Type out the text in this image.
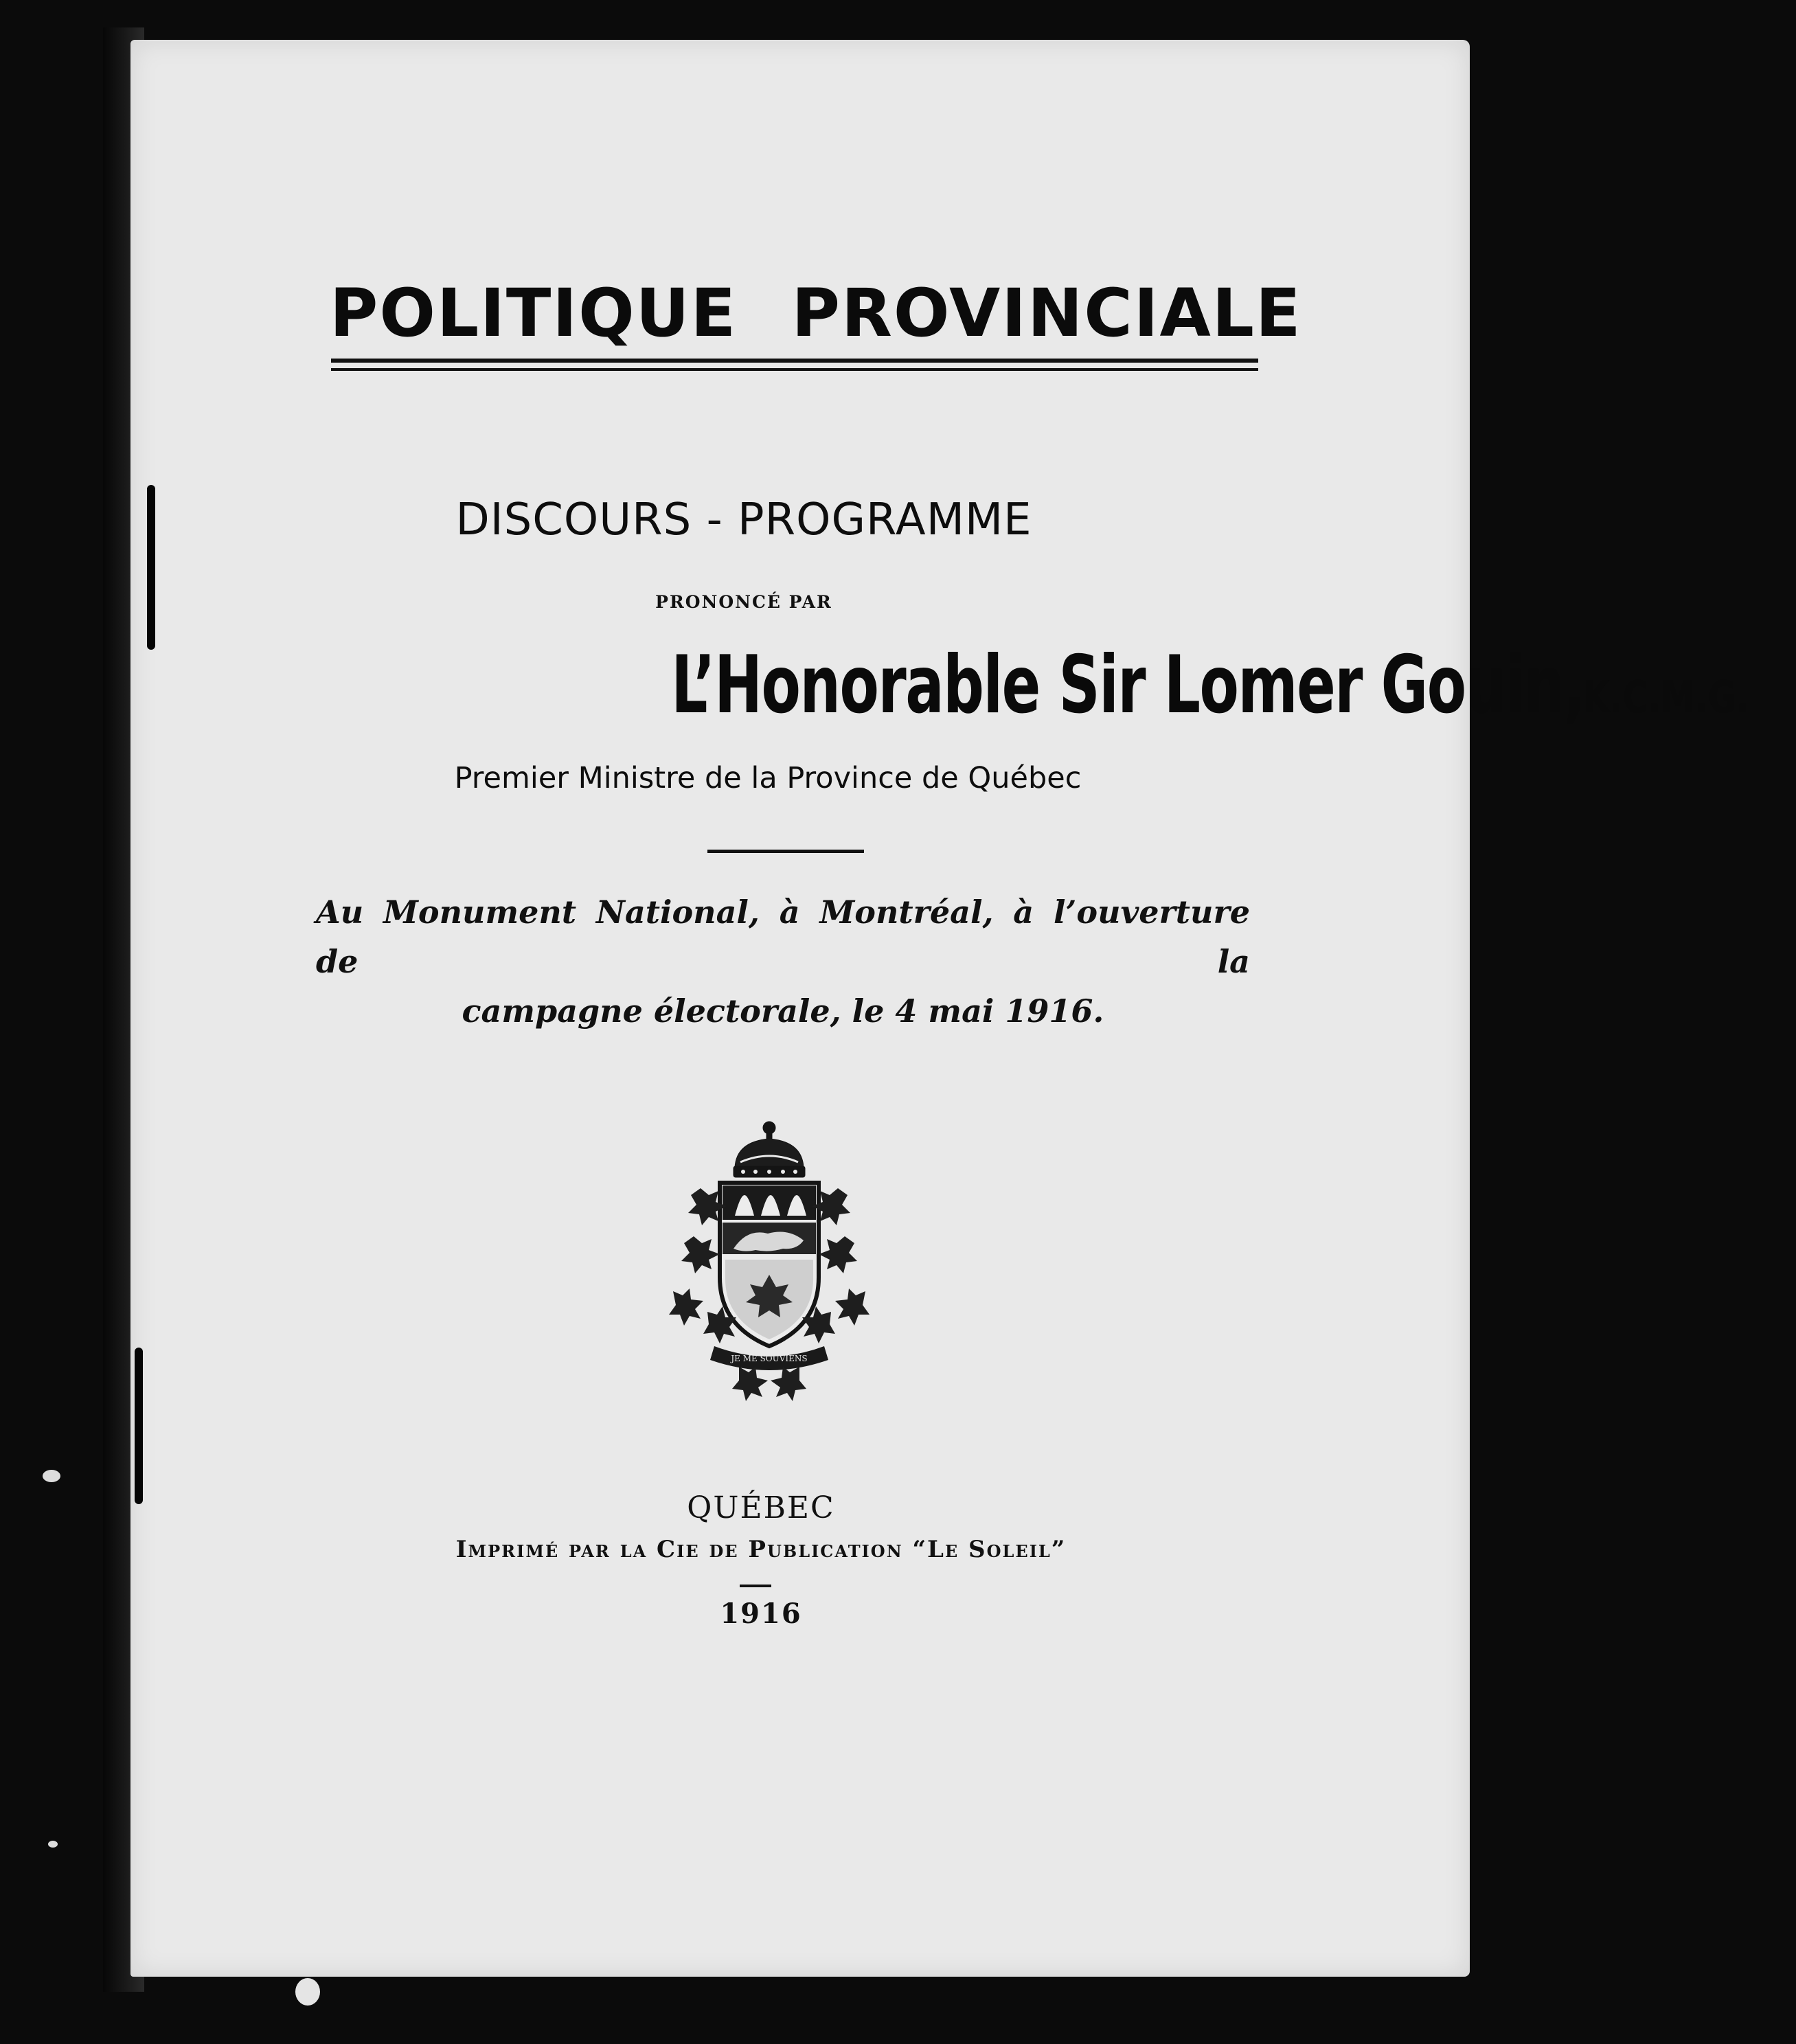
POLITIQUE PROVINCIALE
DISCOURS - PROGRAMME
PRONONCÉ PAR
L’Honorable Sir Lomer Gouin, K.C.M.G.
Premier Ministre de la Province de Québec
Au Monument National, à Montréal, à l’ouverture de la
campagne électorale, le 4 mai 1916.
JE ME SOUVIENS
QUÉBEC
Imprimé par la Cie de Publication “Le Soleil”
1916
